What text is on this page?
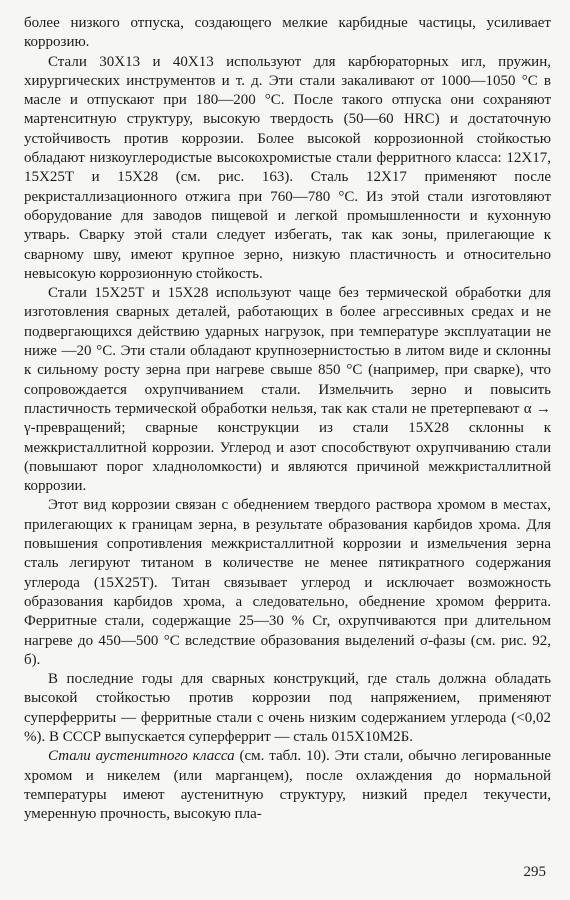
более низкого отпуска, создающего мелкие карбидные частицы, усиливает коррозию.

Стали 30Х13 и 40Х13 используют для карбюраторных игл, пружин, хирургических инструментов и т. д. Эти стали закаливают от 1000—1050 °С в масле и отпускают при 180—200 °С. После такого отпуска они сохраняют мартенситную структуру, высокую твердость (50—60 HRC) и достаточную устойчивость против коррозии. Более высокой коррозионной стойкостью обладают низкоуглеродистые высокохромистые стали ферритного класса: 12Х17, 15Х25Т и 15Х28 (см. рис. 163). Сталь 12Х17 применяют после рекристаллизационного отжига при 760—780 °С. Из этой стали изготовляют оборудование для заводов пищевой и легкой промышленности и кухонную утварь. Сварку этой стали следует избегать, так как зоны, прилегающие к сварному шву, имеют крупное зерно, низкую пластичность и относительно невысокую коррозионную стойкость.

Стали 15Х25Т и 15Х28 используют чаще без термической обработки для изготовления сварных деталей, работающих в более агрессивных средах и не подвергающихся действию ударных нагрузок, при температуре эксплуатации не ниже —20 °С. Эти стали обладают крупнозернистостью в литом виде и склонны к сильному росту зерна при нагреве свыше 850 °С (например, при сварке), что сопровождается охрупчиванием стали. Измельчить зерно и повысить пластичность термической обработки нельзя, так как стали не претерпевают α → γ-превращений; сварные конструкции из стали 15Х28 склонны к межкристаллитной коррозии. Углерод и азот способствуют охрупчиванию стали (повышают порог хладноломкости) и являются причиной межкристаллитной коррозии.

Этот вид коррозии связан с обеднением твердого раствора хромом в местах, прилегающих к границам зерна, в результате образования карбидов хрома. Для повышения сопротивления межкристаллитной коррозии и измельчения зерна сталь легируют титаном в количестве не менее пятикратного содержания углерода (15Х25Т). Титан связывает углерод и исключает возможность образования карбидов хрома, а следовательно, обеднение хромом феррита. Ферритные стали, содержащие 25—30 % Cr, охрупчиваются при длительном нагреве до 450—500 °С вследствие образования выделений σ-фазы (см. рис. 92, б).

В последние годы для сварных конструкций, где сталь должна обладать высокой стойкостью против коррозии под напряжением, применяют суперферриты — ферритные стали с очень низким содержанием углерода (<0,02 %). В СССР выпускается суперферрит — сталь 015Х10М2Б.

Стали аустенитного класса (см. табл. 10). Эти стали, обычно легированные хромом и никелем (или марганцем), после охлаждения до нормальной температуры имеют аустенитную структуру, низкий предел текучести, умеренную прочность, высокую пла-

295
